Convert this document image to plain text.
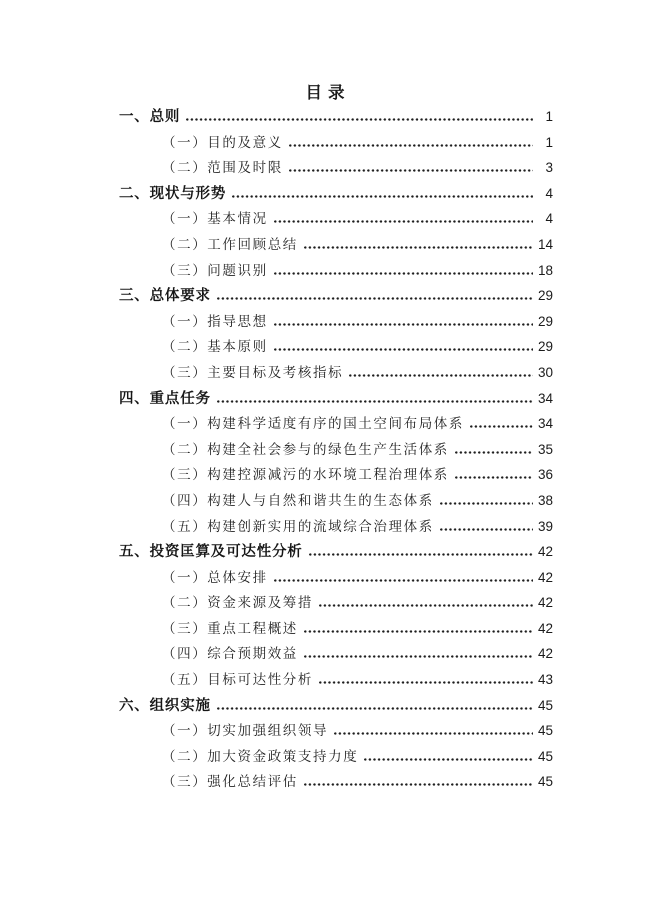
目录
一、总则	1
（一）目的及意义	1
（二）范围及时限	3
二、现状与形势	4
（一）基本情况	4
（二）工作回顾总结	14
（三）问题识别	18
三、总体要求	29
（一）指导思想	29
（二）基本原则	29
（三）主要目标及考核指标	30
四、重点任务	34
（一）构建科学适度有序的国土空间布局体系	34
（二）构建全社会参与的绿色生产生活体系	35
（三）构建控源减污的水环境工程治理体系	36
（四）构建人与自然和谐共生的生态体系	38
（五）构建创新实用的流域综合治理体系	39
五、投资匡算及可达性分析	42
（一）总体安排	42
（二）资金来源及筹措	42
（三）重点工程概述	42
（四）综合预期效益	42
（五）目标可达性分析	43
六、组织实施	45
（一）切实加强组织领导	45
（二）加大资金政策支持力度	45
（三）强化总结评估	45
